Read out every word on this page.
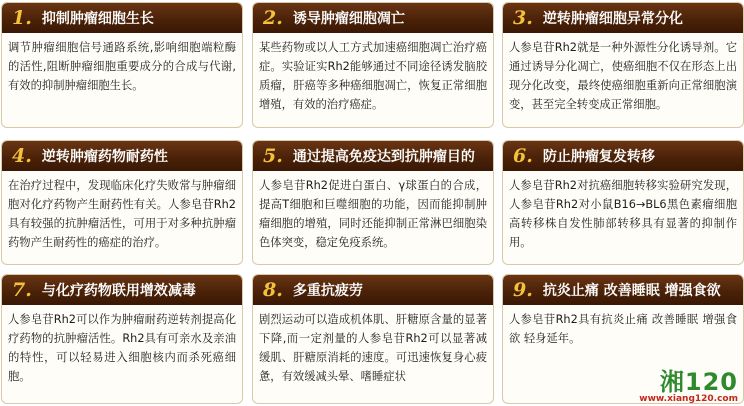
1. 抑制肿瘤细胞生长
调节肿瘤细胞信号通路系统,影响细胞端粒酶的活性,阻断肿瘤细胞重要成分的合成与代谢,有效的抑制肿瘤细胞生长。
2. 诱导肿瘤细胞凋亡
某些药物或以人工方式加速癌细胞凋亡治疗癌症。实验证实Rh2能够通过不同途径诱发脑胶质瘤，肝癌等多种癌细胞凋亡，恢复正常细胞增殖，有效的治疗癌症。
3. 逆转肿瘤细胞异常分化
人参皂苷Rh2就是一种外源性分化诱导剂。它通过诱导分化凋亡，使癌细胞不仅在形态上出现分化改变，最终使癌细胞重新向正常细胞演变，甚至完全转变成正常细胞。
4. 逆转肿瘤药物耐药性
在治疗过程中，发现临床化疗失败常与肿瘤细胞对化疗药物产生耐药性有关。人参皂苷Rh2具有较强的抗肿瘤活性，可用于对多种抗肿瘤药物产生耐药性的癌症的治疗。
5. 通过提高免疫达到抗肿瘤目的
人参皂苷Rh2促进白蛋白、γ球蛋白的合成，提高T细胞和巨噬细胞的功能，因而能抑制肿瘤细胞的增殖，同时还能抑制正常淋巴细胞染色体突变，稳定免疫系统。
6. 防止肿瘤复发转移
人参皂苷Rh2对抗癌细胞转移实验研究发现，人参皂苷Rh2对小鼠B16→BL6黑色素瘤细胞高转移株自发性肺部转移具有显著的抑制作用。
7. 与化疗药物联用增效减毒
人参皂苷Rh2可以作为肿瘤耐药逆转剂提高化疗药物的抗肿瘤活性。Rh2具有可亲水及亲油的特性，可以轻易进入细胞核内而杀死癌细胞。
8. 多重抗疲劳
剧烈运动可以造成机体肌、肝糖原含量的显著下降,而一定剂量的人参皂苷Rh2可以显著减缓肌、肝糖原消耗的速度。可迅速恢复身心疲惫，有效缓减头晕、嗜睡症状
9. 抗炎止痛 改善睡眠 增强食欲
人参皂苷Rh2具有抗炎止痛 改善睡眠 增强食欲 轻身延年。
湘120
www.xiang120.com
